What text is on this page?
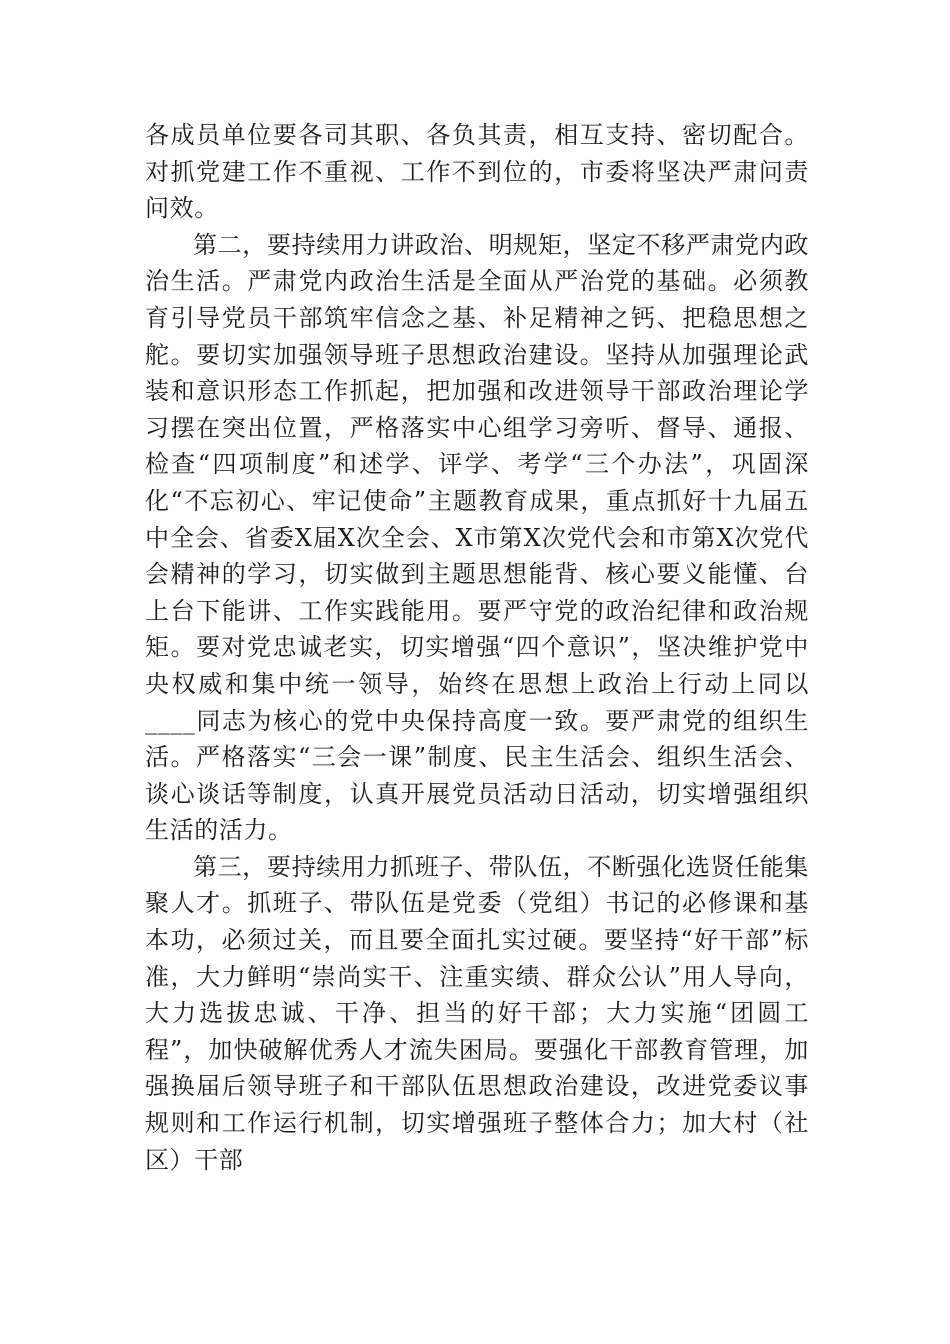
各成员单位要各司其职、各负其责，相互支持、密切配合。对抓党建工作不重视、工作不到位的，市委将坚决严肃问责问效。

第二，要持续用力讲政治、明规矩，坚定不移严肃党内政治生活。严肃党内政治生活是全面从严治党的基础。必须教育引导党员干部筑牢信念之基、补足精神之钙、把稳思想之舵。要切实加强领导班子思想政治建设。坚持从加强理论武装和意识形态工作抓起，把加强和改进领导干部政治理论学习摆在突出位置，严格落实中心组学习旁听、督导、通报、检查“四项制度”和述学、评学、考学“三个办法”，巩固深化“不忘初心、牢记使命”主题教育成果，重点抓好十九届五中全会、省委X届X次全会、X市第X次党代会和市第X次党代会精神的学习，切实做到主题思想能背、核心要义能懂、台上台下能讲、工作实践能用。要严守党的政治纪律和政治规矩。要对党忠诚老实，切实增强“四个意识”，坚决维护党中央权威和集中统一领导，始终在思想上政治上行动上同以____同志为核心的党中央保持高度一致。要严肃党的组织生活。严格落实“三会一课”制度、民主生活会、组织生活会、谈心谈话等制度，认真开展党员活动日活动，切实增强组织生活的活力。

第三，要持续用力抓班子、带队伍，不断强化选贤任能集聚人才。抓班子、带队伍是党委（党组）书记的必修课和基本功，必须过关，而且要全面扎实过硬。要坚持“好干部”标准，大力鲜明“崇尚实干、注重实绩、群众公认”用人导向，大力选拔忠诚、干净、担当的好干部；大力实施“团圆工程”，加快破解优秀人才流失困局。要强化干部教育管理，加强换届后领导班子和干部队伍思想政治建设，改进党委议事规则和工作运行机制，切实增强班子整体合力；加大村（社区）干部
